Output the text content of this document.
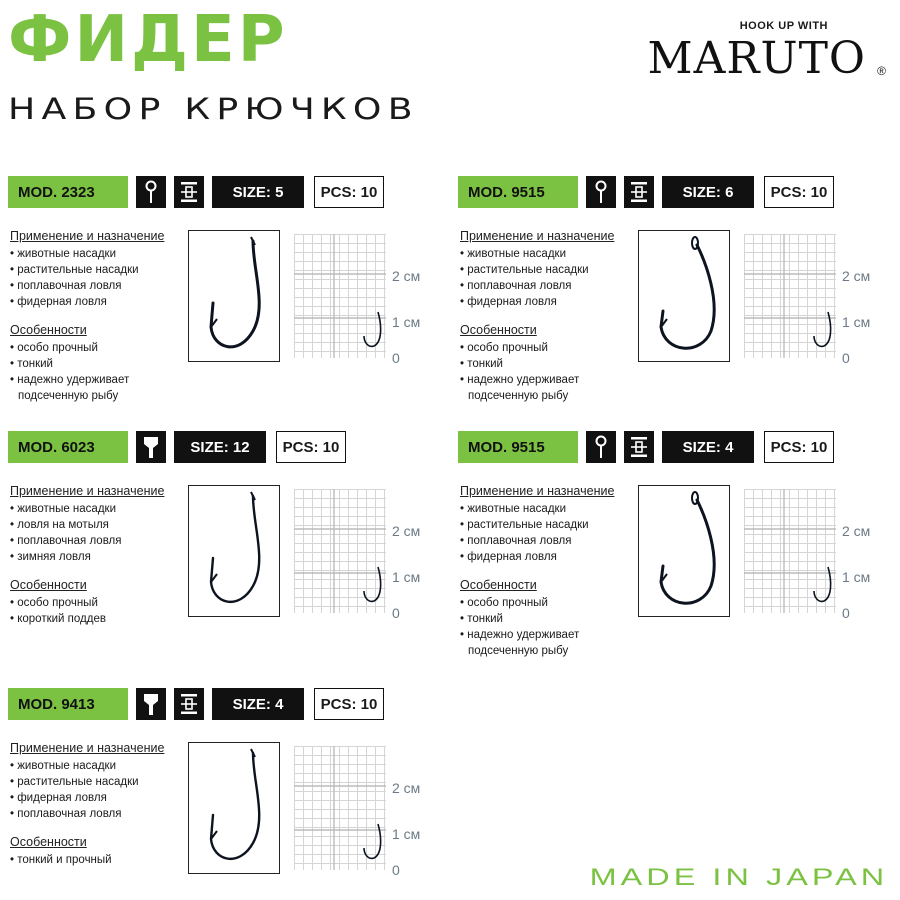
ФИДЕР
НАБОР КРЮЧКОВ
HOOK UP WITH
MARUTO ®
MADE IN JAPAN
MOD. 2323	SIZE: 5	PCS: 10
Применение и назначение
• животные насадки
• растительные насадки
• поплавочная ловля
• фидерная ловля
Особенности
• особо прочный
• тонкий
• надежно удерживает
подсеченную рыбу
2 см
1 см
0
MOD. 9515	SIZE: 6	PCS: 10
Применение и назначение
• животные насадки
• растительные насадки
• поплавочная ловля
• фидерная ловля
Особенности
• особо прочный
• тонкий
• надежно удерживает
подсеченную рыбу
2 см
1 см
0
MOD. 6023	SIZE: 12	PCS: 10
Применение и назначение
• животные насадки
• ловля на мотыля
• поплавочная ловля
• зимняя ловля
Особенности
• особо прочный
• короткий поддев
2 см
1 см
0
MOD. 9515	SIZE: 4	PCS: 10
Применение и назначение
• животные насадки
• растительные насадки
• поплавочная ловля
• фидерная ловля
Особенности
• особо прочный
• тонкий
• надежно удерживает
подсеченную рыбу
2 см
1 см
0
MOD. 9413	SIZE: 4	PCS: 10
Применение и назначение
• животные насадки
• растительные насадки
• фидерная ловля
• поплавочная ловля
Особенности
• тонкий и прочный
2 см
1 см
0
